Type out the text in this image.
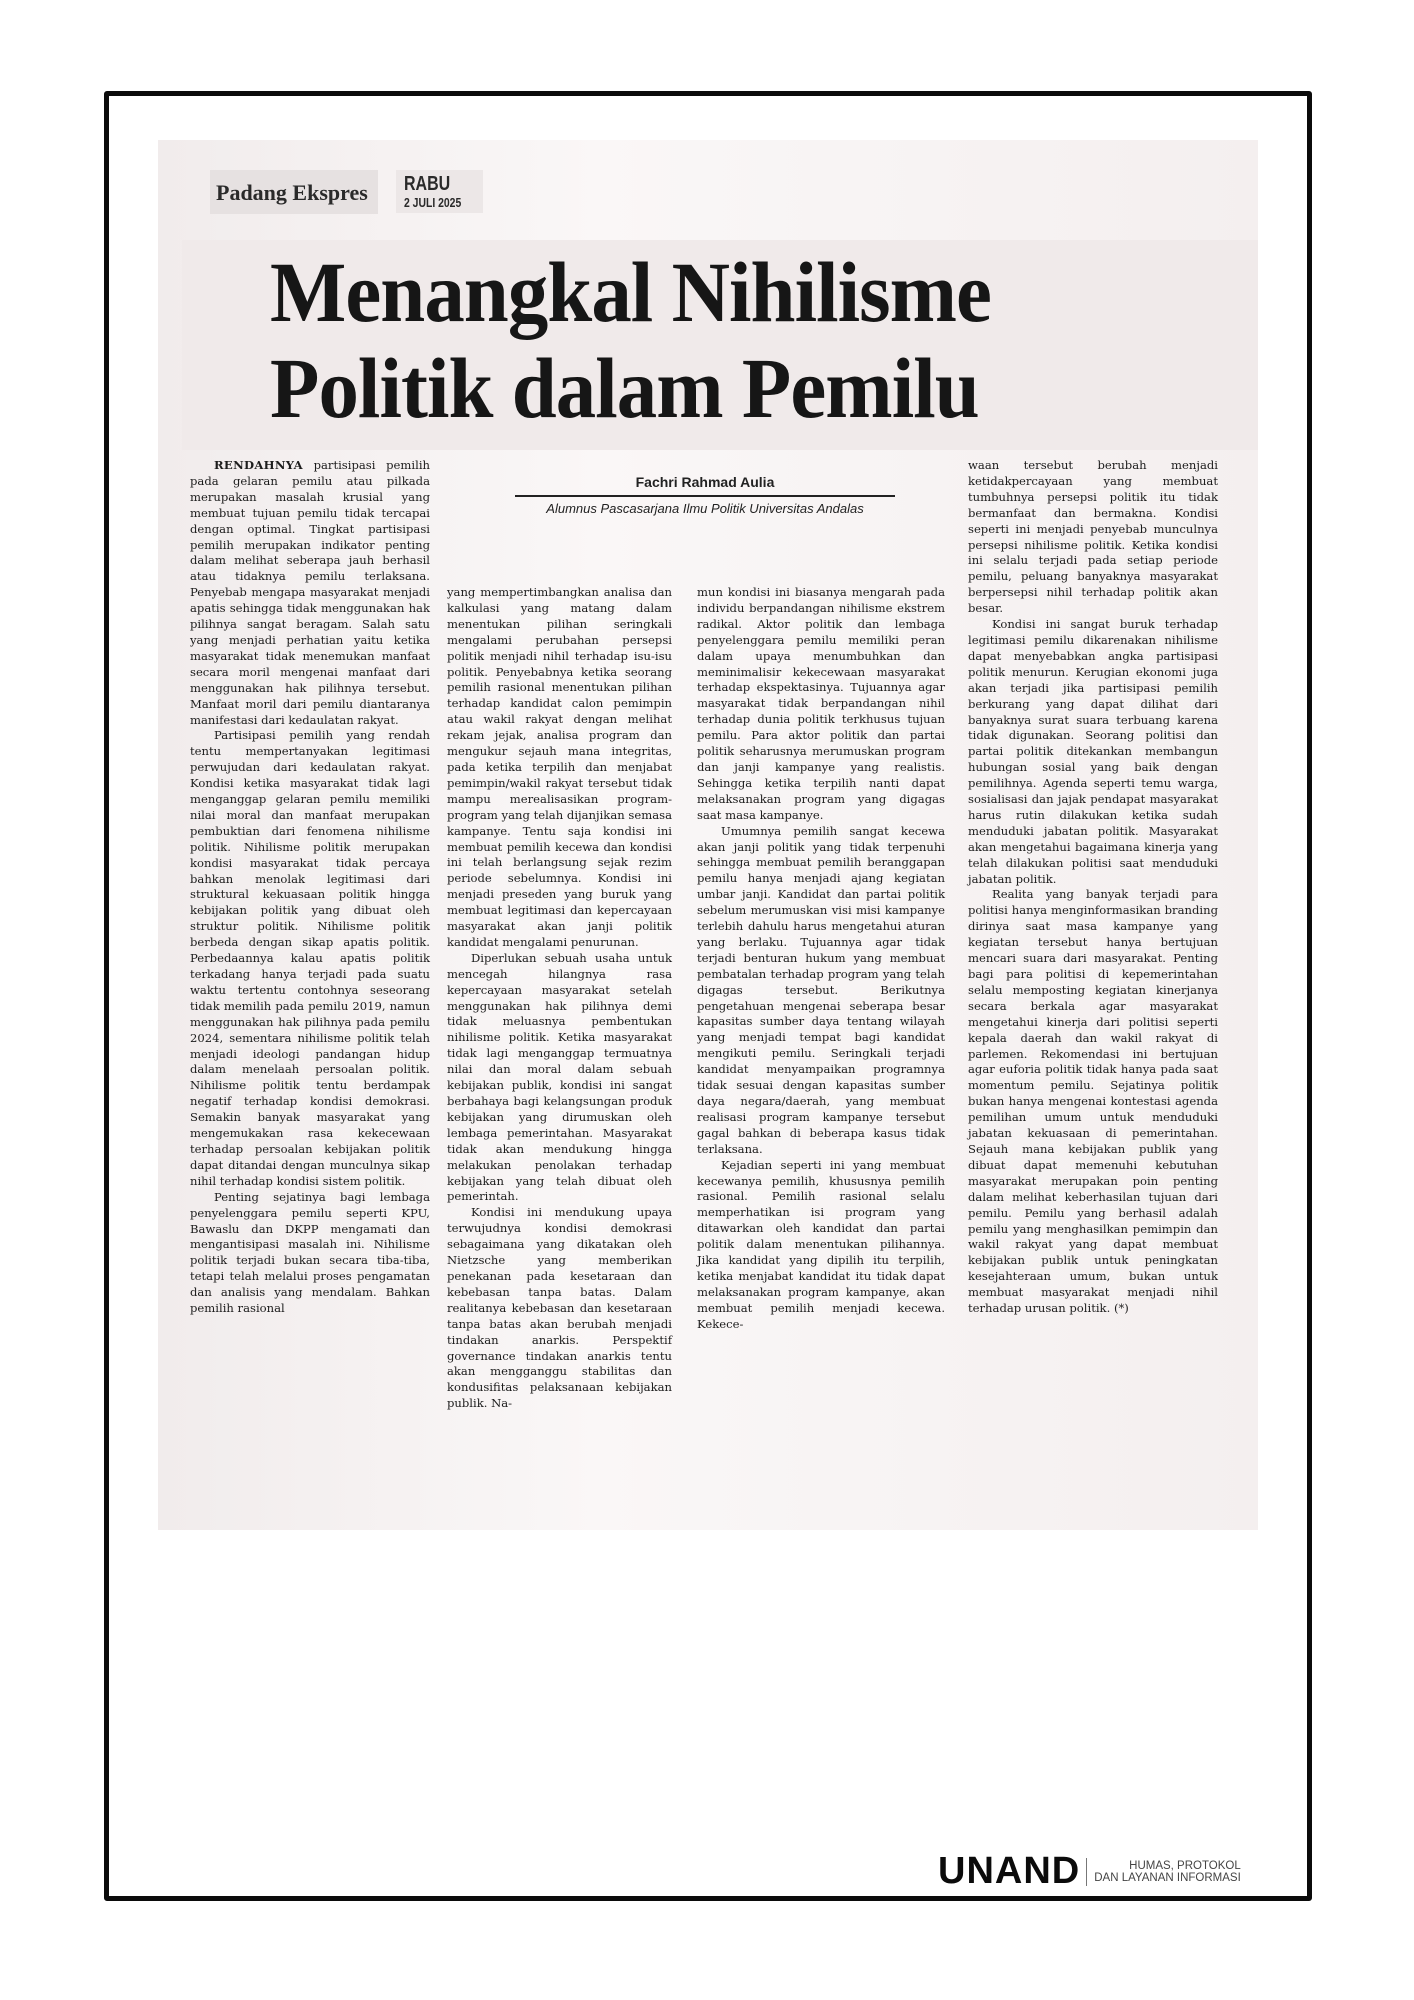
Padang Ekspres	RABU
2 JULI 2025
Menangkal Nihilisme
Politik dalam Pemilu
Fachri Rahmad Aulia
Alumnus Pascasarjana Ilmu Politik Universitas Andalas

RENDAHNYA partisipasi pemilih pada gelaran pemilu atau pilkada merupakan masalah krusial yang membuat tujuan pemilu tidak tercapai dengan optimal. Tingkat partisipasi pemilih merupakan indikator penting dalam melihat seberapa jauh berhasil atau tidaknya pemilu terlaksana. Penyebab mengapa masyarakat menjadi apatis sehingga tidak menggunakan hak pilihnya sangat beragam. Salah satu yang menjadi perhatian yaitu ketika masyarakat tidak menemukan manfaat secara moril mengenai manfaat dari menggunakan hak pilihnya tersebut. Manfaat moril dari pemilu diantaranya manifestasi dari kedaulatan rakyat.

Partisipasi pemilih yang rendah tentu mempertanyakan legitimasi perwujudan dari kedaulatan rakyat. Kondisi ketika masyarakat tidak lagi menganggap gelaran pemilu memiliki nilai moral dan manfaat merupakan pembuktian dari fenomena nihilisme politik. Nihilisme politik merupakan kondisi masyarakat tidak percaya bahkan menolak legitimasi dari struktural kekuasaan politik hingga kebijakan politik yang dibuat oleh struktur politik. Nihilisme politik berbeda dengan sikap apatis politik. Perbedaannya kalau apatis politik terkadang hanya terjadi pada suatu waktu tertentu contohnya seseorang tidak memilih pada pemilu 2019, namun menggunakan hak pilihnya pada pemilu 2024, sementara nihilisme politik telah menjadi ideologi pandangan hidup dalam menelaah persoalan politik. Nihilisme politik tentu berdampak negatif terhadap kondisi demokrasi. Semakin banyak masyarakat yang mengemukakan rasa kekecewaan terhadap persoalan kebijakan politik dapat ditandai dengan munculnya sikap nihil terhadap kondisi sistem politik.

Penting sejatinya bagi lembaga penyelenggara pemilu seperti KPU, Bawaslu dan DKPP mengamati dan mengantisipasi masalah ini. Nihilisme politik terjadi bukan secara tiba-tiba, tetapi telah melalui proses pengamatan dan analisis yang mendalam. Bahkan pemilih rasional

yang mempertimbangkan analisa dan kalkulasi yang matang dalam menentukan pilihan seringkali mengalami perubahan persepsi politik menjadi nihil terhadap isu-isu politik. Penyebabnya ketika seorang pemilih rasional menentukan pilihan terhadap kandidat calon pemimpin atau wakil rakyat dengan melihat rekam jejak, analisa program dan mengukur sejauh mana integritas, pada ketika terpilih dan menjabat pemimpin/wakil rakyat tersebut tidak mampu merealisasikan program-program yang telah dijanjikan semasa kampanye. Tentu saja kondisi ini membuat pemilih kecewa dan kondisi ini telah berlangsung sejak rezim periode sebelumnya. Kondisi ini menjadi preseden yang buruk yang membuat legitimasi dan kepercayaan masyarakat akan janji politik kandidat mengalami penurunan.

Diperlukan sebuah usaha untuk mencegah hilangnya rasa kepercayaan masyarakat setelah menggunakan hak pilihnya demi tidak meluasnya pembentukan nihilisme politik. Ketika masyarakat tidak lagi menganggap termuatnya nilai dan moral dalam sebuah kebijakan publik, kondisi ini sangat berbahaya bagi kelangsungan produk kebijakan yang dirumuskan oleh lembaga pemerintahan. Masyarakat tidak akan mendukung hingga melakukan penolakan terhadap kebijakan yang telah dibuat oleh pemerintah.

Kondisi ini mendukung upaya terwujudnya kondisi demokrasi sebagaimana yang dikatakan oleh Nietzsche yang memberikan penekanan pada kesetaraan dan kebebasan tanpa batas. Dalam realitanya kebebasan dan kesetaraan tanpa batas akan berubah menjadi tindakan anarkis. Perspektif governance tindakan anarkis tentu akan mengganggu stabilitas dan kondusifitas pelaksanaan kebijakan publik. Na-

mun kondisi ini biasanya mengarah pada individu berpandangan nihilisme ekstrem radikal. Aktor politik dan lembaga penyelenggara pemilu memiliki peran dalam upaya menumbuhkan dan meminimalisir kekecewaan masyarakat terhadap ekspektasinya. Tujuannya agar masyarakat tidak berpandangan nihil terhadap dunia politik terkhusus tujuan pemilu. Para aktor politik dan partai politik seharusnya merumuskan program dan janji kampanye yang realistis. Sehingga ketika terpilih nanti dapat melaksanakan program yang digagas saat masa kampanye.

Umumnya pemilih sangat kecewa akan janji politik yang tidak terpenuhi sehingga membuat pemilih beranggapan pemilu hanya menjadi ajang kegiatan umbar janji. Kandidat dan partai politik sebelum merumuskan visi misi kampanye terlebih dahulu harus mengetahui aturan yang berlaku. Tujuannya agar tidak terjadi benturan hukum yang membuat pembatalan terhadap program yang telah digagas tersebut. Berikutnya pengetahuan mengenai seberapa besar kapasitas sumber daya tentang wilayah yang menjadi tempat bagi kandidat mengikuti pemilu. Seringkali terjadi kandidat menyampaikan programnya tidak sesuai dengan kapasitas sumber daya negara/daerah, yang membuat realisasi program kampanye tersebut gagal bahkan di beberapa kasus tidak terlaksana.

Kejadian seperti ini yang membuat kecewanya pemilih, khususnya pemilih rasional. Pemilih rasional selalu memperhatikan isi program yang ditawarkan oleh kandidat dan partai politik dalam menentukan pilihannya. Jika kandidat yang dipilih itu terpilih, ketika menjabat kandidat itu tidak dapat melaksanakan program kampanye, akan membuat pemilih menjadi kecewa. Kekece-

waan tersebut berubah menjadi ketidakpercayaan yang membuat tumbuhnya persepsi politik itu tidak bermanfaat dan bermakna. Kondisi seperti ini menjadi penyebab munculnya persepsi nihilisme politik. Ketika kondisi ini selalu terjadi pada setiap periode pemilu, peluang banyaknya masyarakat berpersepsi nihil terhadap politik akan besar.

Kondisi ini sangat buruk terhadap legitimasi pemilu dikarenakan nihilisme dapat menyebabkan angka partisipasi politik menurun. Kerugian ekonomi juga akan terjadi jika partisipasi pemilih berkurang yang dapat dilihat dari banyaknya surat suara terbuang karena tidak digunakan. Seorang politisi dan partai politik ditekankan membangun hubungan sosial yang baik dengan pemilihnya. Agenda seperti temu warga, sosialisasi dan jajak pendapat masyarakat harus rutin dilakukan ketika sudah menduduki jabatan politik. Masyarakat akan mengetahui bagaimana kinerja yang telah dilakukan politisi saat menduduki jabatan politik.

Realita yang banyak terjadi para politisi hanya menginformasikan branding dirinya saat masa kampanye yang kegiatan tersebut hanya bertujuan mencari suara dari masyarakat. Penting bagi para politisi di kepemerintahan selalu memposting kegiatan kinerjanya secara berkala agar masyarakat mengetahui kinerja dari politisi seperti kepala daerah dan wakil rakyat di parlemen. Rekomendasi ini bertujuan agar euforia politik tidak hanya pada saat momentum pemilu. Sejatinya politik bukan hanya mengenai kontestasi agenda pemilihan umum untuk menduduki jabatan kekuasaan di pemerintahan. Sejauh mana kebijakan publik yang dibuat dapat memenuhi kebutuhan masyarakat merupakan poin penting dalam melihat keberhasilan tujuan dari pemilu. Pemilu yang berhasil adalah pemilu yang menghasilkan pemimpin dan wakil rakyat yang dapat membuat kebijakan publik untuk peningkatan kesejahteraan umum, bukan untuk membuat masyarakat menjadi nihil terhadap urusan politik. (*)

UNAND	HUMAS, PROTOKOL
DAN LAYANAN INFORMASI
